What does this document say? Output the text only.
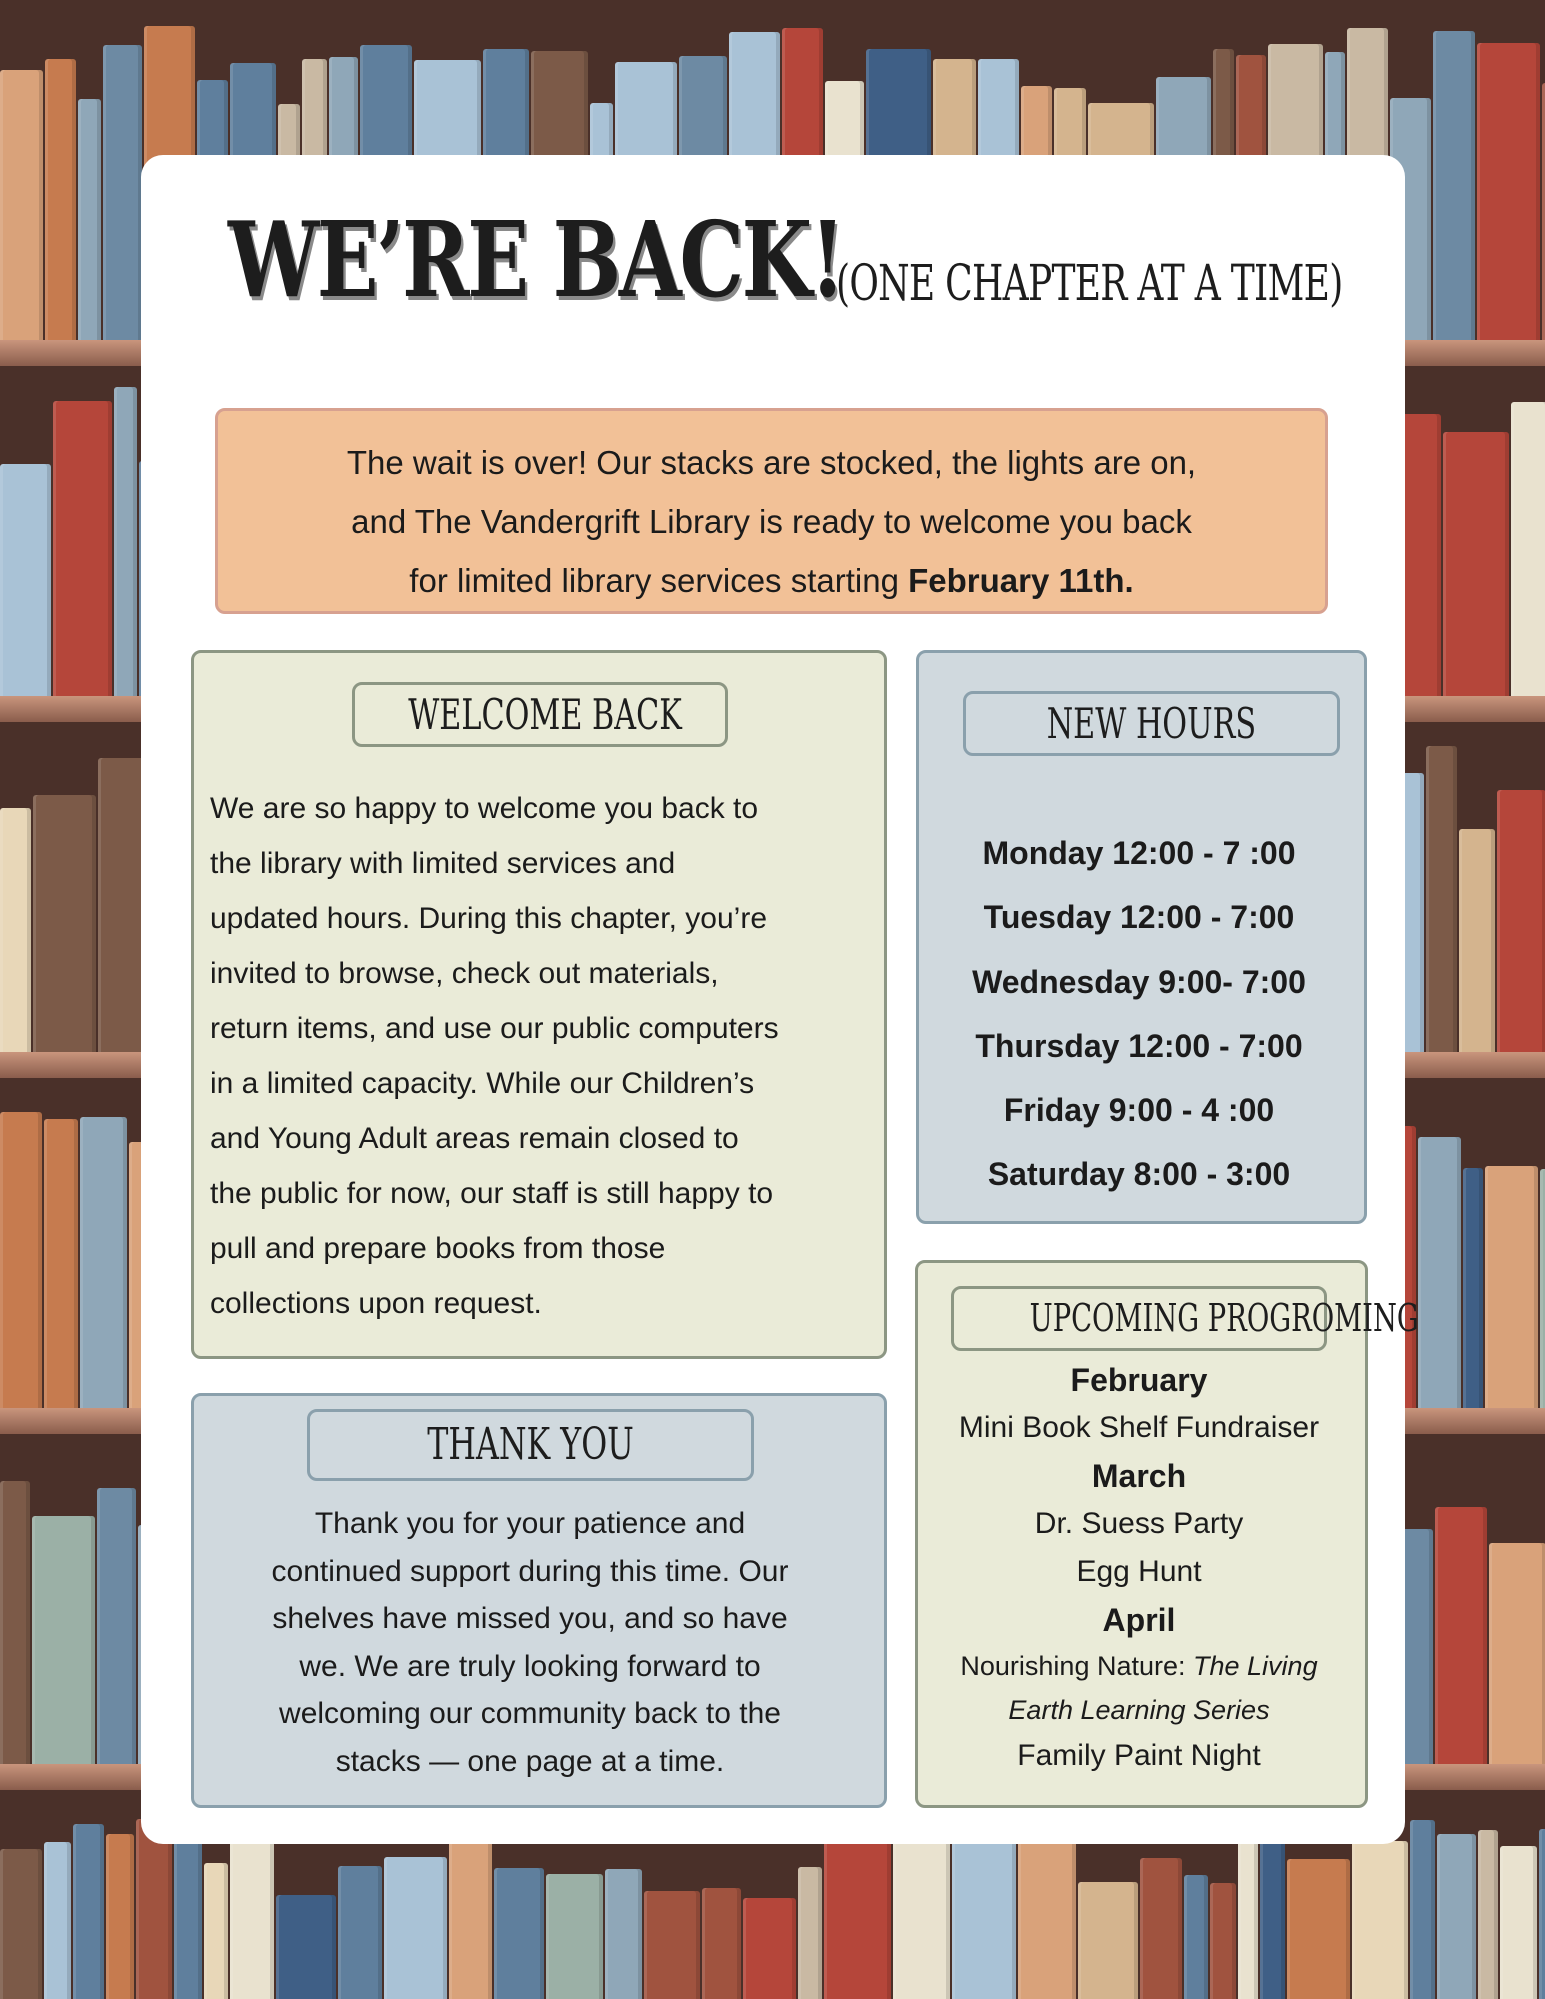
WE’RE BACK!
(ONE CHAPTER AT A TIME)
The wait is over! Our stacks are stocked, the lights are on,
and The Vandergrift Library is ready to welcome you back
for limited library services starting February 11th.
WELCOME BACK
We are so happy to welcome you back to
the library with limited services and
updated hours. During this chapter, you’re
invited to browse, check out materials,
return items, and use our public computers
in a limited capacity. While our Children’s
and Young Adult areas remain closed to
the public for now, our staff is still happy to
pull and prepare books from those
collections upon request.
NEW HOURS
Monday 12:00 - 7 :00
Tuesday 12:00 - 7:00
Wednesday 9:00- 7:00
Thursday 12:00 - 7:00
Friday 9:00 - 4 :00
Saturday 8:00 - 3:00
THANK YOU
Thank you for your patience and
continued support during this time. Our
shelves have missed you, and so have
we. We are truly looking forward to
welcoming our community back to the
stacks — one page at a time.
UPCOMING PROGROMING
February
Mini Book Shelf Fundraiser
March
Dr. Suess Party
Egg Hunt
April
Nourishing Nature: The Living
Earth Learning Series
Family Paint Night
